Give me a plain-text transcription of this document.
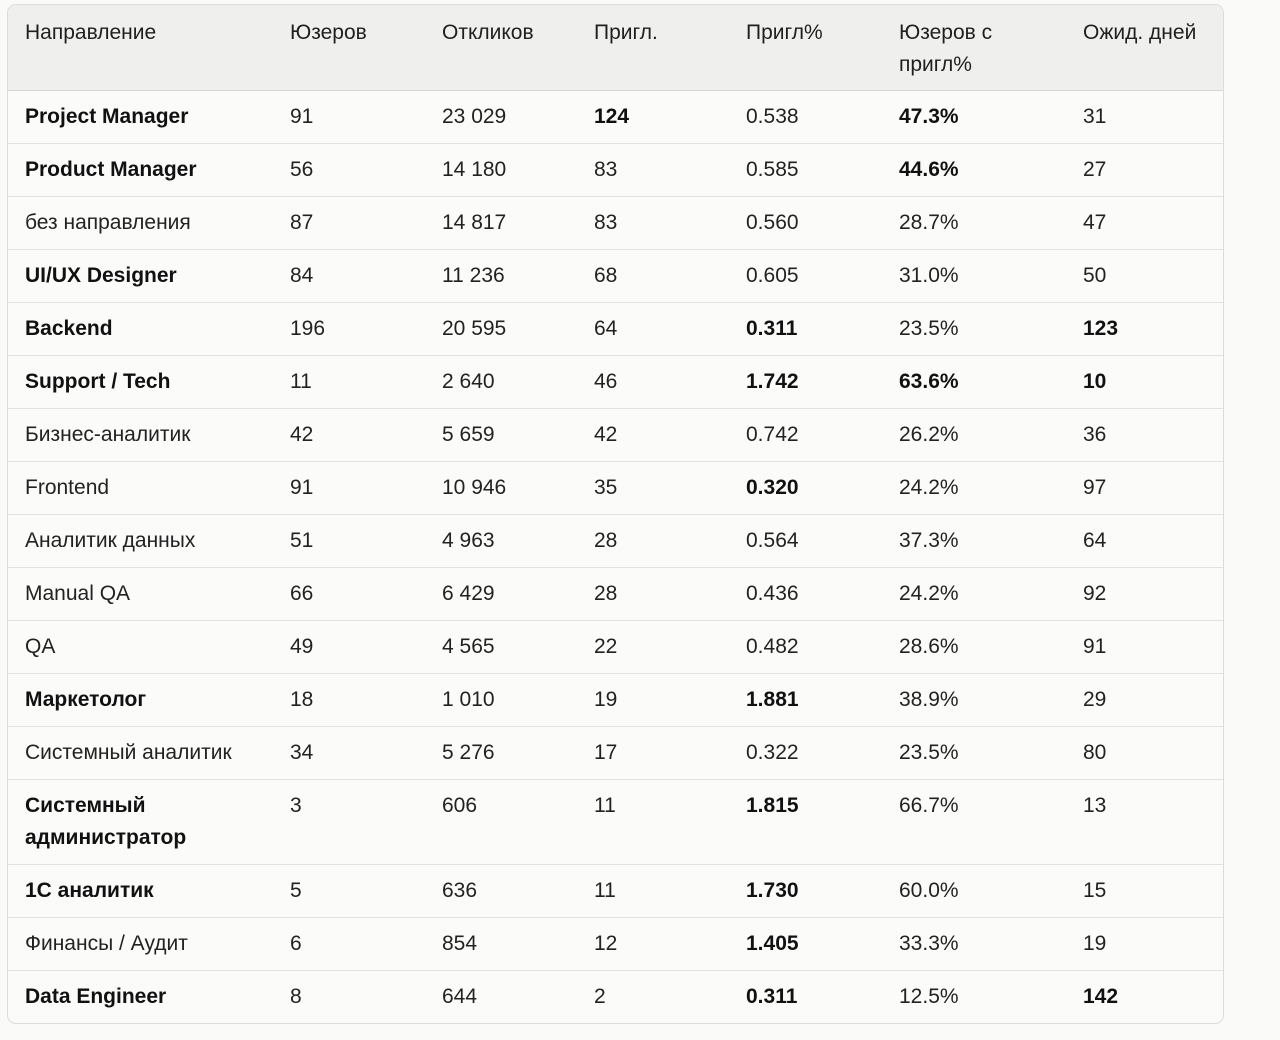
Направление	Юзеров	Откликов	Пригл.	Пригл%	Юзеров с пригл%	Ожид. дней
Project Manager	91	23 029	124	0.538	47.3%	31
Product Manager	56	14 180	83	0.585	44.6%	27
без направления	87	14 817	83	0.560	28.7%	47
UI/UX Designer	84	11 236	68	0.605	31.0%	50
Backend	196	20 595	64	0.311	23.5%	123
Support / Tech	11	2 640	46	1.742	63.6%	10
Бизнес-аналитик	42	5 659	42	0.742	26.2%	36
Frontend	91	10 946	35	0.320	24.2%	97
Аналитик данных	51	4 963	28	0.564	37.3%	64
Manual QA	66	6 429	28	0.436	24.2%	92
QA	49	4 565	22	0.482	28.6%	91
Маркетолог	18	1 010	19	1.881	38.9%	29
Системный аналитик	34	5 276	17	0.322	23.5%	80
Системный администратор	3	606	11	1.815	66.7%	13
1С аналитик	5	636	11	1.730	60.0%	15
Финансы / Аудит	6	854	12	1.405	33.3%	19
Data Engineer	8	644	2	0.311	12.5%	142
